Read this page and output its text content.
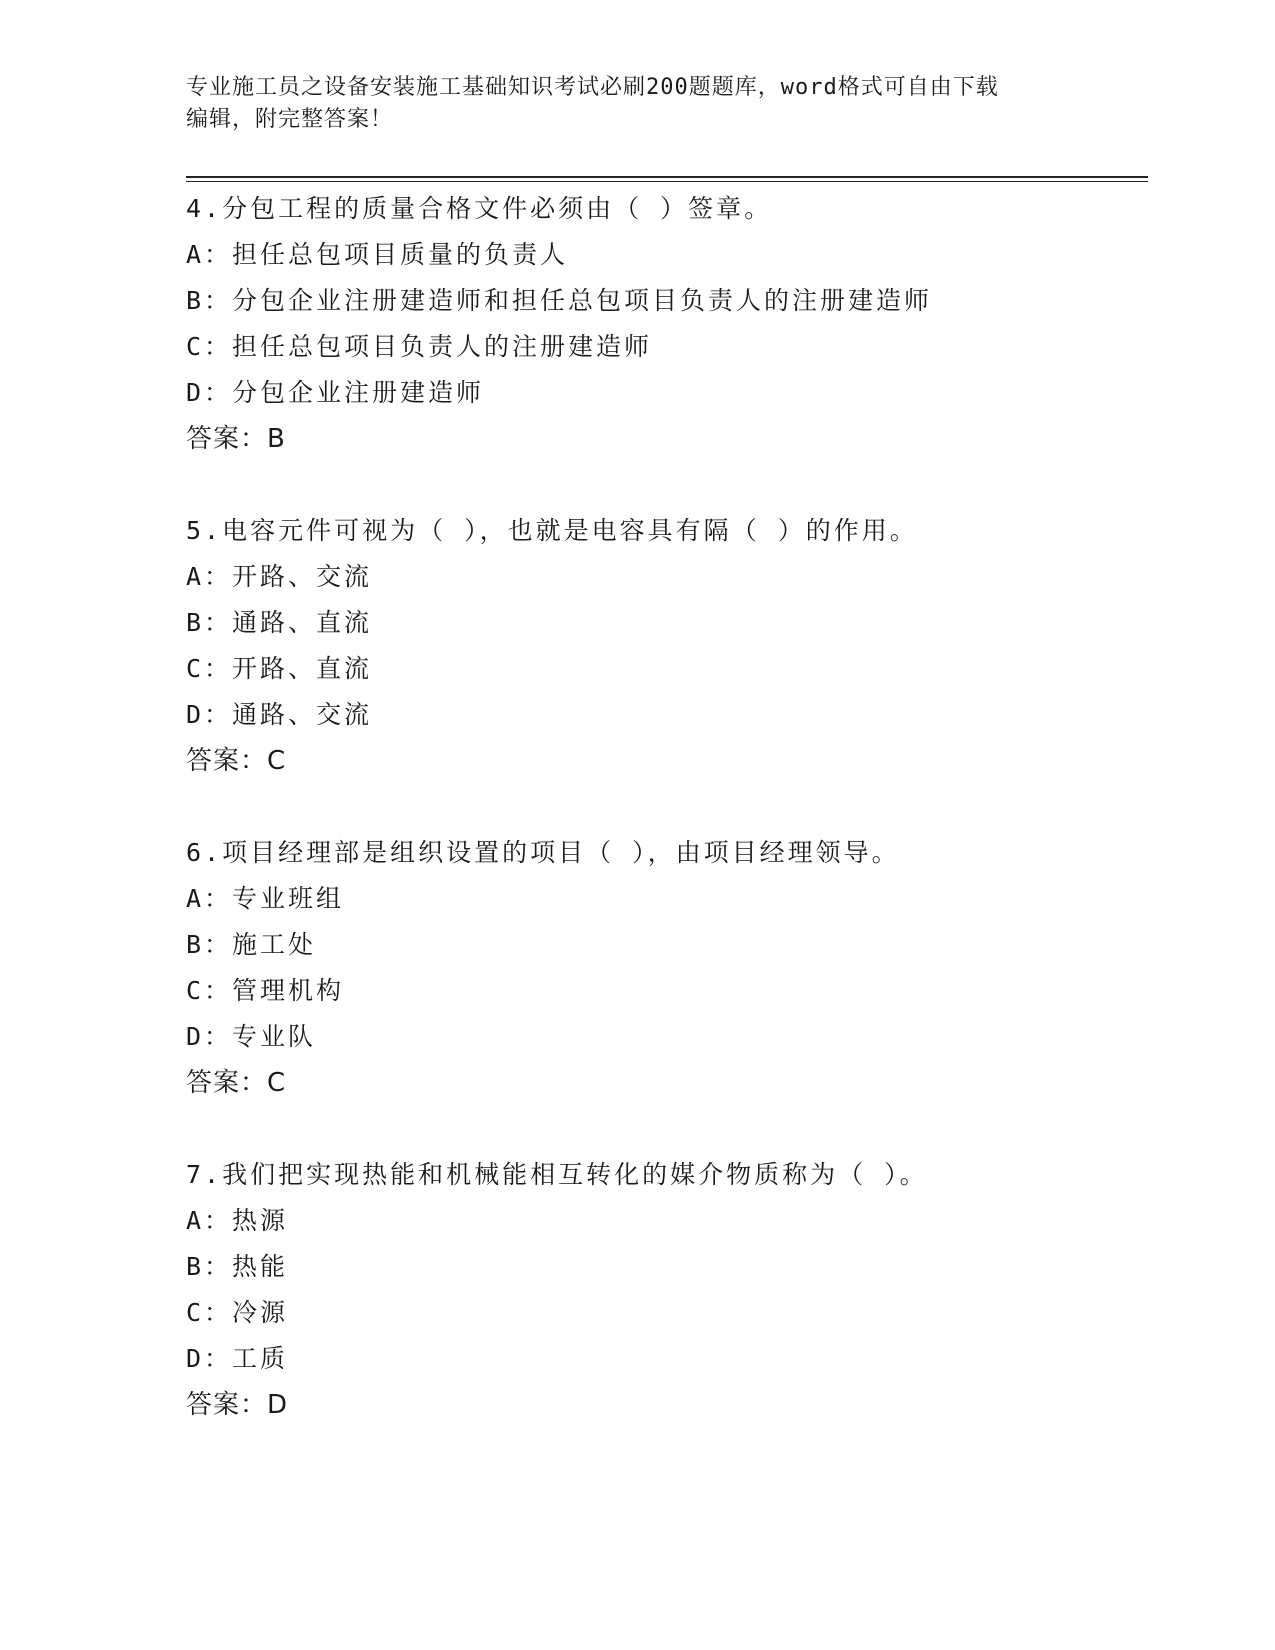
专业施工员之设备安装施工基础知识考试必刷200题题库，word格式可自由下载
编辑，附完整答案！
4.分包工程的质量合格文件必须由（ ）签章。
A：担任总包项目质量的负责人
B：分包企业注册建造师和担任总包项目负责人的注册建造师
C：担任总包项目负责人的注册建造师
D：分包企业注册建造师
答案：B
5.电容元件可视为（ ），也就是电容具有隔（ ）的作用。
A：开路、交流
B：通路、直流
C：开路、直流
D：通路、交流
答案：C
6.项目经理部是组织设置的项目（ ），由项目经理领导。
A：专业班组
B：施工处
C：管理机构
D：专业队
答案：C
7.我们把实现热能和机械能相互转化的媒介物质称为（ ）。
A：热源
B：热能
C：冷源
D：工质
答案：D
